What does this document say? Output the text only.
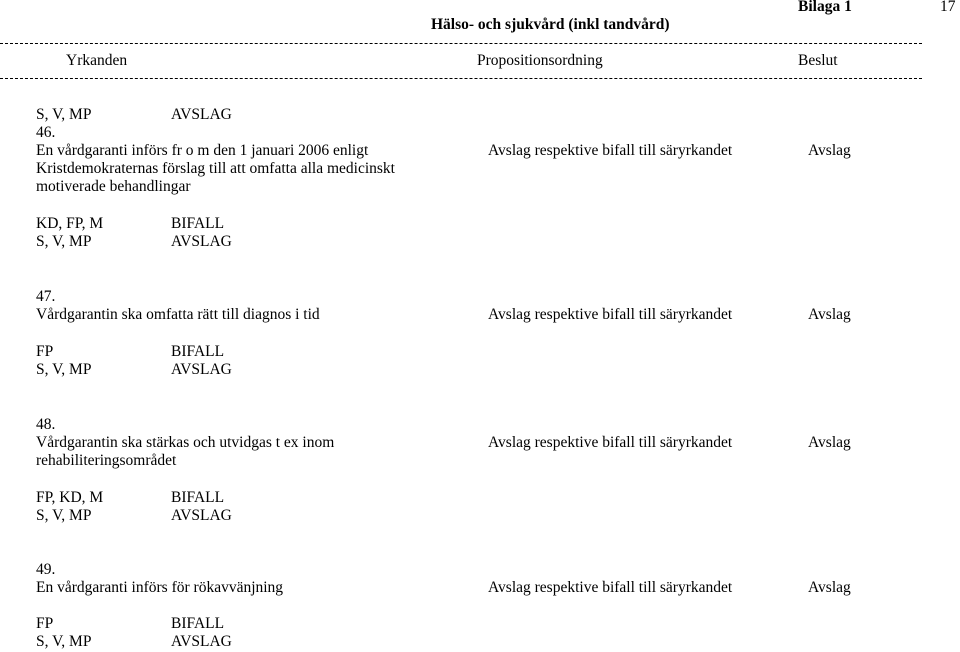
Hälso- och sjukvård (inkl tandvård)
Bilaga 1	17
Yrkanden	Propositionsordning	Beslut
S, V, MP	AVSLAG
46.
En vårdgaranti införs fr o m den 1 januari 2006 enligt Kristdemokraternas förslag till att omfatta alla medicinskt motiverade behandlingar
Avslag respektive bifall till säryrkandet	Avslag
KD, FP, M	BIFALL
S, V, MP	AVSLAG
47.
Vårdgarantin ska omfatta rätt till diagnos i tid	Avslag respektive bifall till säryrkandet	Avslag
FP	BIFALL
S, V, MP	AVSLAG
48.
Vårdgarantin ska stärkas och utvidgas t ex inom rehabiliteringsområdet
Avslag respektive bifall till säryrkandet	Avslag
FP, KD, M	BIFALL
S, V, MP	AVSLAG
49.
En vårdgaranti införs för rökavvänjning	Avslag respektive bifall till säryrkandet	Avslag
FP	BIFALL
S, V, MP	AVSLAG
